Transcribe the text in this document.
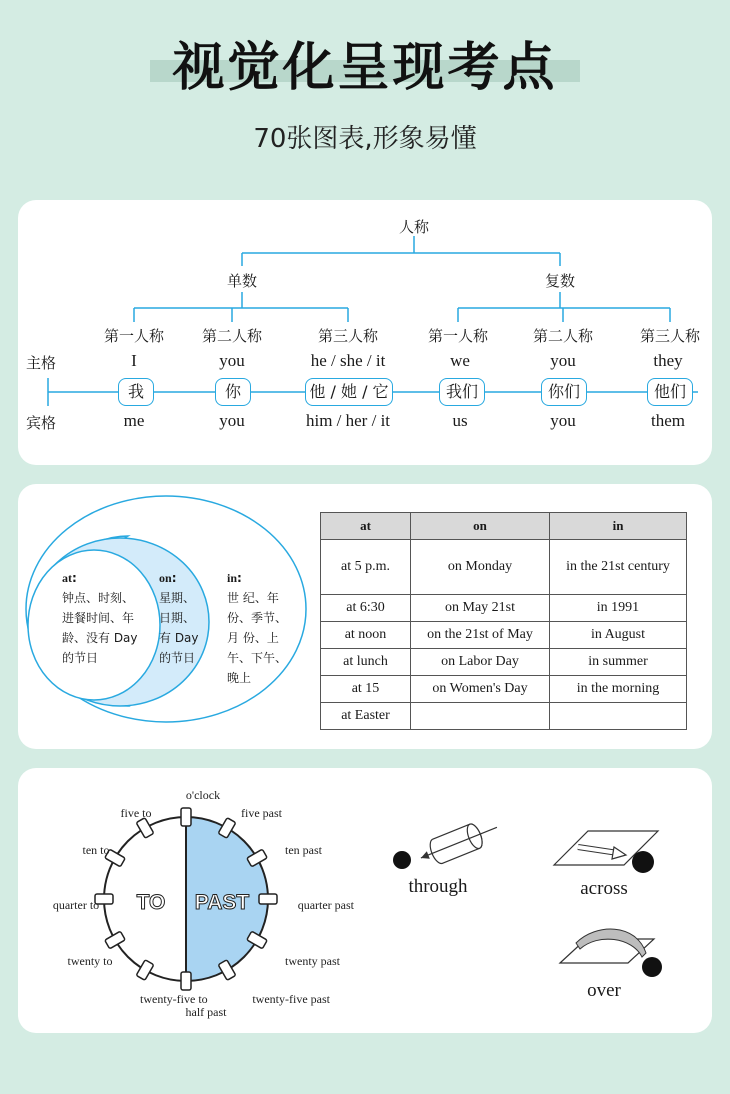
视觉化呈现考点
70张图表,形象易懂
人称
单数	复数
第一人称	第二人称	第三人称	第一人称	第二人称	第三人称
主格
宾格
I	you	he / she / it	we	you	they
我	你	他 / 她 / 它	我们	你们	他们
me	you	him / her / it	us	you	them
at:
钟点、时刻、
进餐时间、年
龄、没有 Day
的节日
on:
星期、
日期、
有 Day
的节日
in:
世 纪、年
份、季节、
月 份、上
午、下午、
晚上
at	on	in
at 5 p.m.	on Monday	in the 21st century
at 6:30	on May 21st	in 1991
at noon	on the 21st of May	in August
at lunch	on Labor Day	in summer
at 15	on Women's Day	in the morning
at Easter		
o'clock
five past
ten past
quarter past
twenty past
twenty-five past
half past
twenty-five to
twenty to
quarter to
ten to
five to
TO PAST
through	across
over
